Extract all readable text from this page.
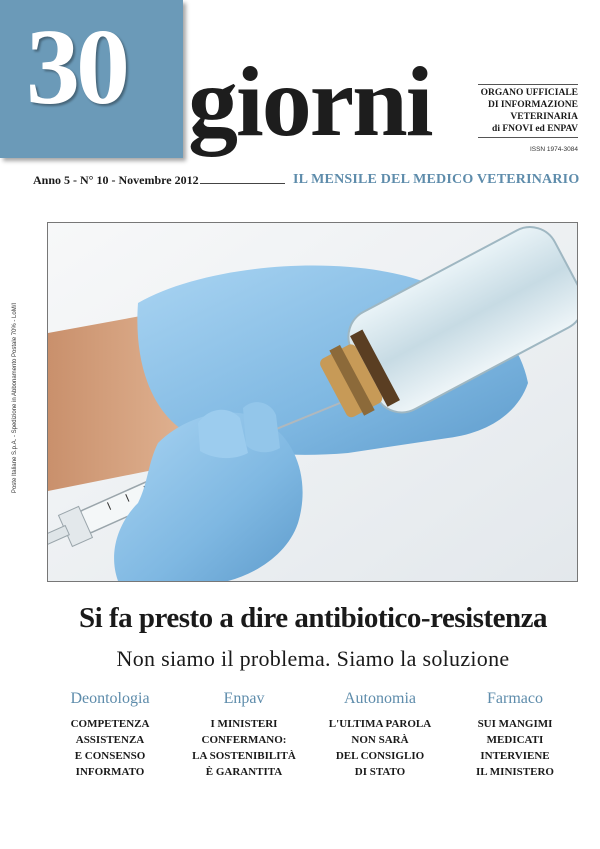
30 giorni	ORGANO UFFICIALE
DI INFORMAZIONE
VETERINARIA
di FNOVI ed ENPAV
ISSN 1974-3084
Anno 5 - N° 10 - Novembre 2012	IL MENSILE DEL MEDICO VETERINARIO
Poste Italiane S.p.A. - Spedizione in Abbonamento Postale 70% - LoM/I
Si fa presto a dire antibiotico-resistenza
Non siamo il problema. Siamo la soluzione
Deontologia
COMPETENZA
ASSISTENZA
E CONSENSO
INFORMATO
Enpav
I MINISTERI
CONFERMANO:
LA SOSTENIBILITÀ
È GARANTITA
Autonomia
L'ULTIMA PAROLA
NON SARÀ
DEL CONSIGLIO
DI STATO
Farmaco
SUI MANGIMI
MEDICATI
INTERVIENE
IL MINISTERO
